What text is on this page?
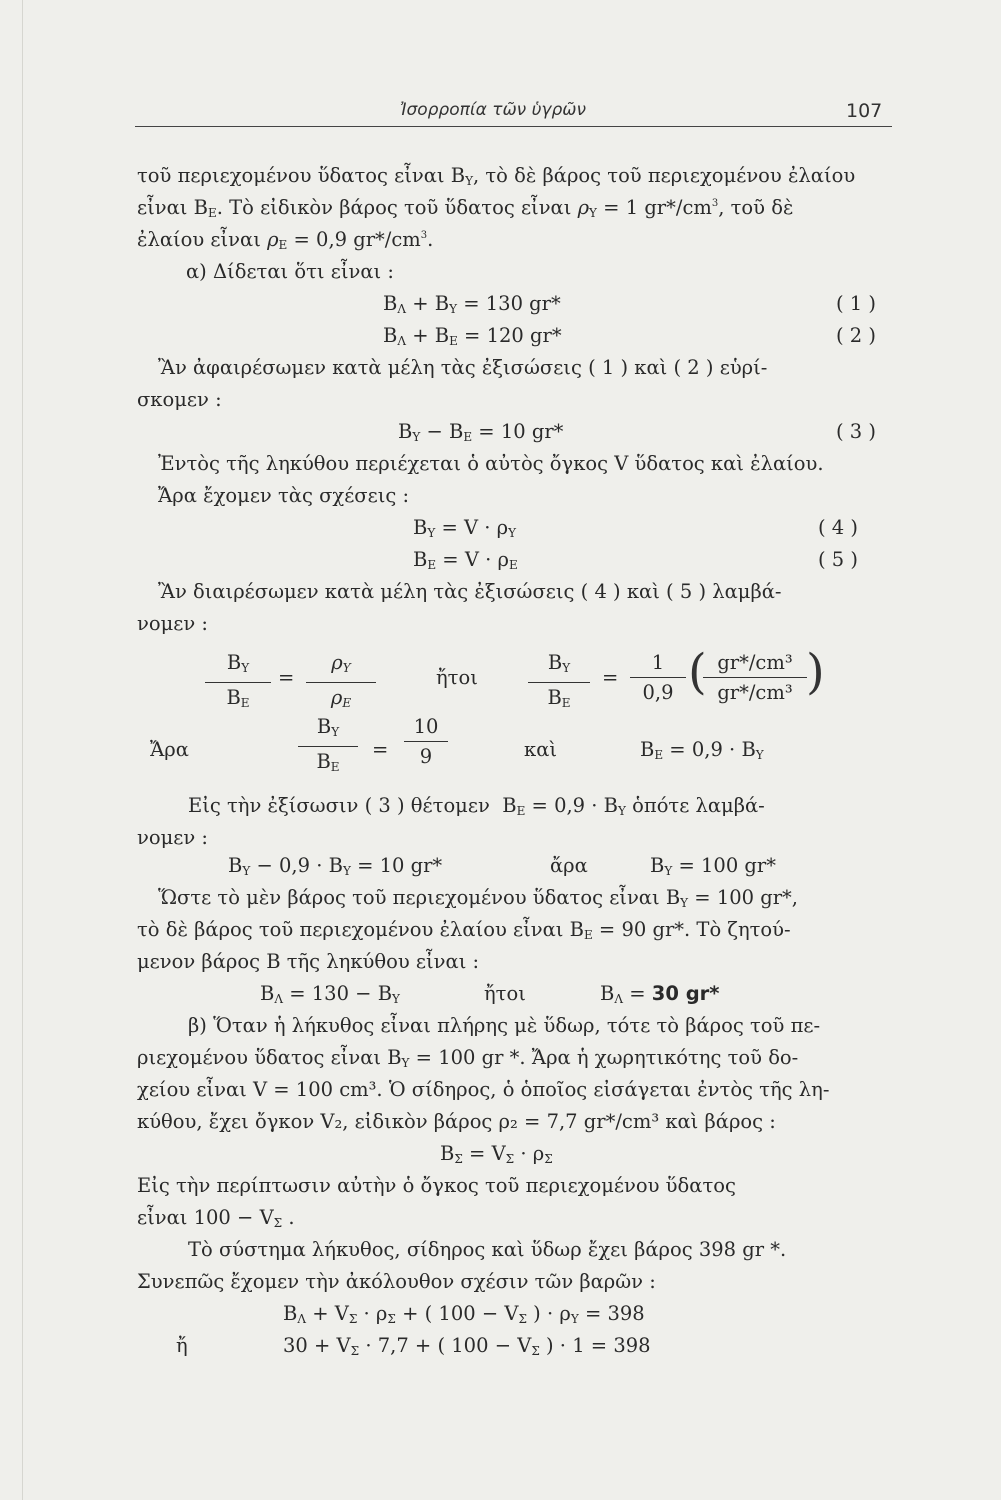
Ἰσορροπία τῶν ὑγρῶν	107
τοῦ περιεχομένου ὕδατος εἶναι $B_Y$, τὸ δὲ βάρος τοῦ περιεχομένου ἐλαίου
εἶναι $B_E$. Τὸ εἰδικὸν βάρος τοῦ ὕδατος εἶναι $\rho_Y = 1$ $gr*/cm^3$, τοῦ δὲ
ἐλαίου εἶναι $\rho_E = 0,9$ $gr*/cm^3$.
α) Δίδεται ὅτι εἶναι :
$B_\Lambda + B_Y = 130$ gr*	( 1 )
$B_\Lambda + B_E = 120$ gr*	( 2 )
Ἂν ἀφαιρέσωμεν κατὰ μέλη τὰς ἐξισώσεις ( 1 ) καὶ ( 2 ) εὑρί-
σκομεν :
$B_Y - B_E = 10$ gr*	( 3 )
Ἐντὸς τῆς ληκύθου περιέχεται ὁ αὐτὸς ὄγκος V ὕδατος καὶ ἐλαίου.
Ἄρα ἔχομεν τὰς σχέσεις :
$B_Y = V \cdot \rho_Y$	( 4 )
$B_E = V \cdot \rho_E$	( 5 )
Ἂν διαιρέσωμεν κατὰ μέλη τὰς ἐξισώσεις ( 4 ) καὶ ( 5 ) λαμβά-
νομεν :
$B_Y$
$B_E$
=
$\rho_Y$
$\rho_E$
ἤτοι
$B_Y$
$B_E$
=
1
0,9 ( gr*/cm³
gr*/cm³ )
Ἄρα
$B_Y$
$B_E$
=
10
9	καὶ	$B_E = 0,9 \cdot B_Y$
Εἰς τὴν ἐξίσωσιν ( 3 ) θέτομεν $B_E = 0,9 \cdot B_Y$ ὁπότε λαμβά-
νομεν :
$B_Y - 0,9 \cdot B_Y = 10$ gr*	ἄρα	$B_Y = 100$ gr*
Ὥστε τὸ μὲν βάρος τοῦ περιεχομένου ὕδατος εἶναι $B_Y = 100$ gr*,
τὸ δὲ βάρος τοῦ περιεχομένου ἐλαίου εἶναι $B_E = 90$ gr*. Τὸ ζητού-
μενον βάρος B τῆς ληκύθου εἶναι :
$B_\Lambda = 130 - B_Y$	ἤτοι	$B_\Lambda = 30$ gr*
β) Ὅταν ἡ λήκυθος εἶναι πλήρης μὲ ὕδωρ, τότε τὸ βάρος τοῦ πε-
ριεχομένου ὕδατος εἶναι $B_Y = 100$ gr *. Ἄρα ἡ χωρητικότης τοῦ δο-
χείου εἶναι V = 100 cm³. Ὁ σίδηρος, ὁ ὁποῖος εἰσάγεται ἐντὸς τῆς λη-
κύθου, ἔχει ὄγκον V₂, εἰδικὸν βάρος ρ₂ = 7,7 gr*/cm³ καὶ βάρος :
$B_\Sigma = V_\Sigma \cdot \rho_\Sigma$
Εἰς τὴν περίπτωσιν αὐτὴν ὁ ὄγκος τοῦ περιεχομένου ὕδατος
εἶναι $100 - V_\Sigma$ .
Τὸ σύστημα λήκυθος, σίδηρος καὶ ὕδωρ ἔχει βάρος 398 gr *.
Συνεπῶς ἔχομεν τὴν ἀκόλουθον σχέσιν τῶν βαρῶν :
$B_\Lambda + V_\Sigma \cdot \rho_\Sigma$ + ( $100 - V_\Sigma$ ) · $\rho_Y = 398$
ἤ	$30 + V_\Sigma \cdot 7,7$ + ( $100 - V_\Sigma$ ) · 1 = 398
